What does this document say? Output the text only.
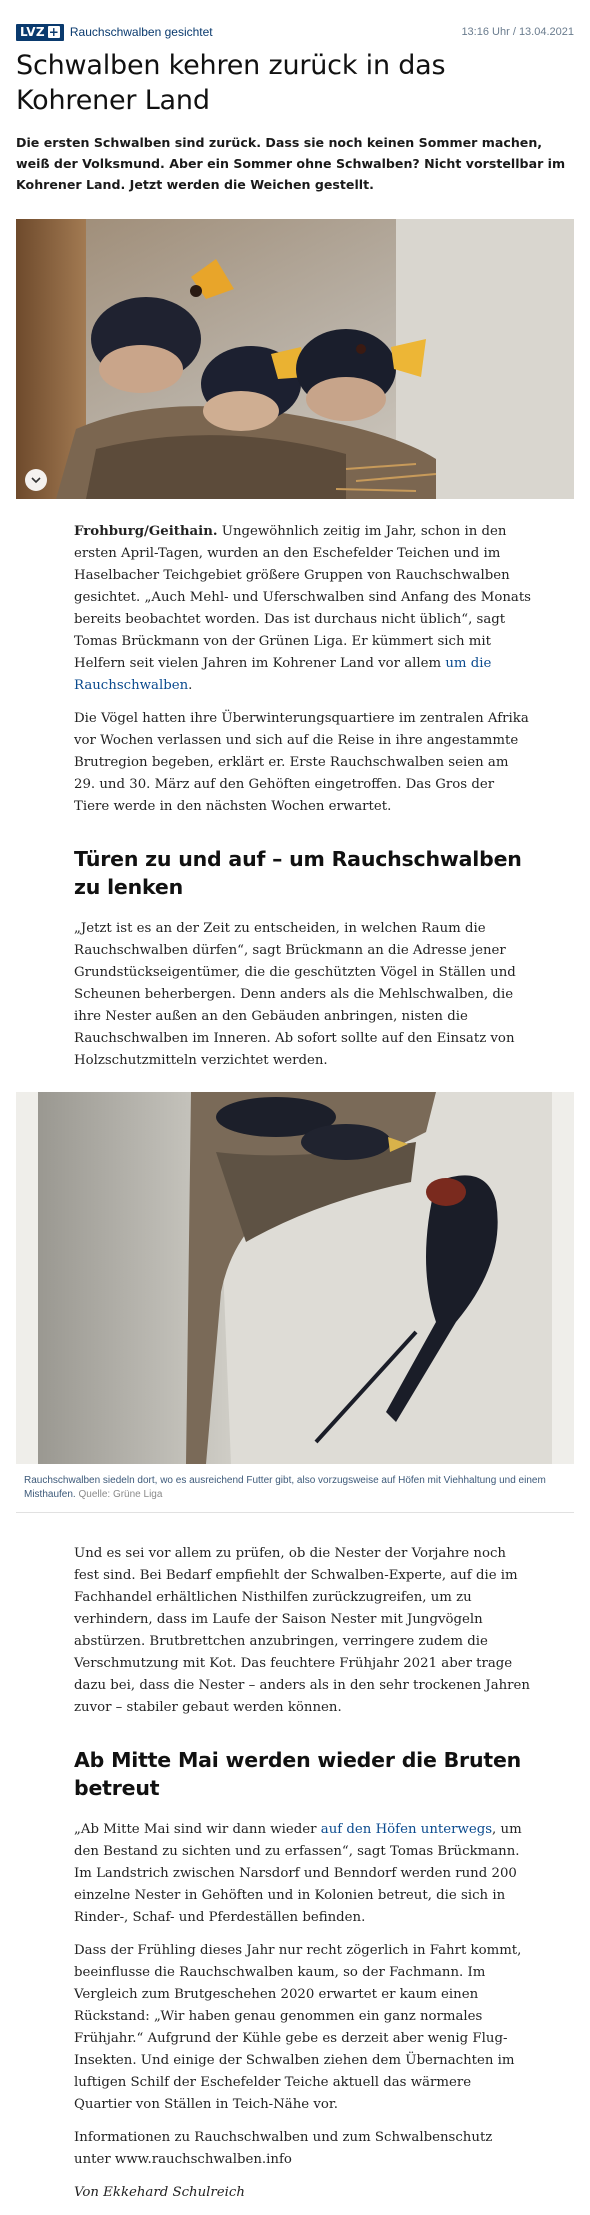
LVZ + Rauchschwalben gesichtet	13:16 Uhr / 13.04.2021
Schwalben kehren zurück in das Kohrener Land

Die ersten Schwalben sind zurück. Dass sie noch keinen Sommer machen, weiß der Volksmund. Aber ein Sommer ohne Schwalben? Nicht vorstellbar im Kohrener Land. Jetzt werden die Weichen gestellt.

Frohburg/Geithain. Ungewöhnlich zeitig im Jahr, schon in den ersten April-Tagen, wurden an den Eschefelder Teichen und im Haselbacher Teichgebiet größere Gruppen von Rauchschwalben gesichtet. „Auch Mehl- und Uferschwalben sind Anfang des Monats bereits beobachtet worden. Das ist durchaus nicht üblich“, sagt Tomas Brückmann von der Grünen Liga. Er kümmert sich mit Helfern seit vielen Jahren im Kohrener Land vor allem um die Rauchschwalben.

Die Vögel hatten ihre Überwinterungsquartiere im zentralen Afrika vor Wochen verlassen und sich auf die Reise in ihre angestammte Brutregion begeben, erklärt er. Erste Rauchschwalben seien am 29. und 30. März auf den Gehöften eingetroffen. Das Gros der Tiere werde in den nächsten Wochen erwartet.

Türen zu und auf – um Rauchschwalben zu lenken

„Jetzt ist es an der Zeit zu entscheiden, in welchen Raum die Rauchschwalben dürfen“, sagt Brückmann an die Adresse jener Grundstückseigentümer, die die geschützten Vögel in Ställen und Scheunen beherbergen. Denn anders als die Mehlschwalben, die ihre Nester außen an den Gebäuden anbringen, nisten die Rauchschwalben im Inneren. Ab sofort sollte auf den Einsatz von Holzschutzmitteln verzichtet werden.

Rauchschwalben siedeln dort, wo es ausreichend Futter gibt, also vorzugsweise auf Höfen mit Viehhaltung und einem Misthaufen. Quelle: Grüne Liga

Und es sei vor allem zu prüfen, ob die Nester der Vorjahre noch fest sind. Bei Bedarf empfiehlt der Schwalben-Experte, auf die im Fachhandel erhältlichen Nisthilfen zurückzugreifen, um zu verhindern, dass im Laufe der Saison Nester mit Jungvögeln abstürzen. Brutbrettchen anzubringen, verringere zudem die Verschmutzung mit Kot. Das feuchtere Frühjahr 2021 aber trage dazu bei, dass die Nester – anders als in den sehr trockenen Jahren zuvor – stabiler gebaut werden können.

Ab Mitte Mai werden wieder die Bruten betreut

„Ab Mitte Mai sind wir dann wieder auf den Höfen unterwegs, um den Bestand zu sichten und zu erfassen“, sagt Tomas Brückmann. Im Landstrich zwischen Narsdorf und Benndorf werden rund 200 einzelne Nester in Gehöften und in Kolonien betreut, die sich in Rinder-, Schaf- und Pferdeställen befinden.

Dass der Frühling dieses Jahr nur recht zögerlich in Fahrt kommt, beeinflusse die Rauchschwalben kaum, so der Fachmann. Im Vergleich zum Brutgeschehen 2020 erwartet er kaum einen Rückstand: „Wir haben genau genommen ein ganz normales Frühjahr.“ Aufgrund der Kühle gebe es derzeit aber wenig Flug-Insekten. Und einige der Schwalben ziehen dem Übernachten im luftigen Schilf der Eschefelder Teiche aktuell das wärmere Quartier von Ställen in Teich-Nähe vor.

Informationen zu Rauchschwalben und zum Schwalbenschutz unter www.rauchschwalben.info

Von Ekkehard Schulreich
